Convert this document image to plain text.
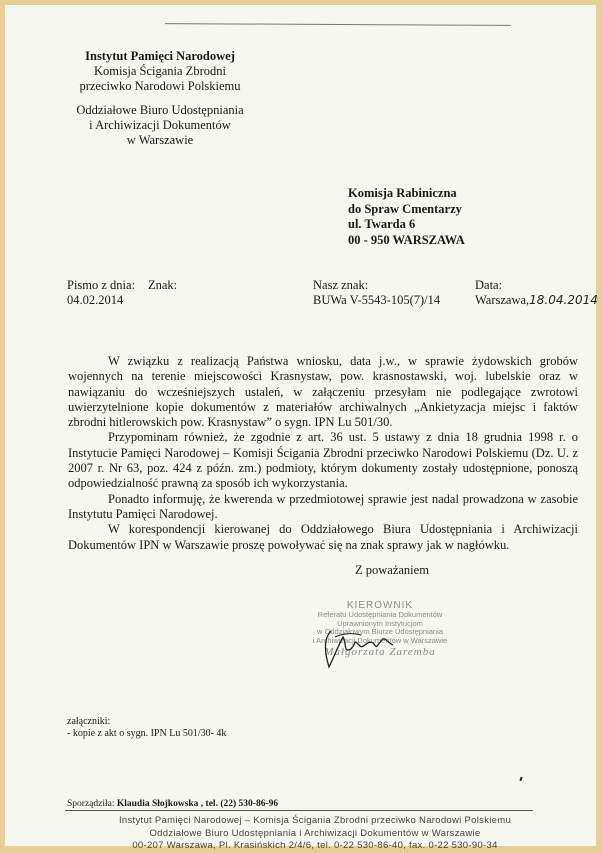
Instytut Pamięci Narodowej
Komisja Ścigania Zbrodni
przeciwko Narodowi Polskiemu
Oddziałowe Biuro Udostępniania
i Archiwizacji Dokumentów
w Warszawie
Komisja Rabiniczna
do Spraw Cmentarzy
ul. Twarda 6
00 - 950 WARSZAWA
Pismo z dnia:
04.02.2014
Znak:	Nasz znak:
BUWa V-5543-105(7)/14
Data:
Warszawa,18.04.2014

W związku z realizacją Państwa wniosku, data j.w., w sprawie żydowskich grobów wojennych na terenie miejscowości Krasnystaw, pow. krasnostawski, woj. lubelskie oraz w nawiązaniu do wcześniejszych ustaleń, w załączeniu przesyłam nie podlegające zwrotowi uwierzytelnione kopie dokumentów z materiałów archiwalnych „Ankietyzacja miejsc i faktów zbrodni hitlerowskich pow. Krasnystaw” o sygn. IPN Lu 501/30.

Przypominam również, że zgodnie z art. 36 ust. 5 ustawy z dnia 18 grudnia 1998 r. o Instytucie Pamięci Narodowej – Komisji Ścigania Zbrodni przeciwko Narodowi Polskiemu (Dz. U. z 2007 r. Nr 63, poz. 424 z późn. zm.) podmioty, którym dokumenty zostały udostępnione, ponoszą odpowiedzialność prawną za sposób ich wykorzystania.

Ponadto informuję, że kwerenda w przedmiotowej sprawie jest nadal prowadzona w zasobie Instytutu Pamięci Narodowej.

W korespondencji kierowanej do Oddziałowego Biura Udostępniania i Archiwizacji Dokumentów IPN w Warszawie proszę powoływać się na znak sprawy jak w nagłówku.

Z poważaniem
KIEROWNIK
Referatu Udostępniania Dokumentów
Uprawnionym Instytucjom
w Oddziałowym Biurze Udostępniania
i Archiwizacji Dokumentów w Warszawie
Małgorzata Zaremba
załączniki:
- kopie z akt o sygn. IPN Lu 501/30- 4k
Sporządziła: Klaudia Słojkowska , tel. (22) 530-86-96
Instytut Pamięci Narodowej – Komisja Ścigania Zbrodni przeciwko Narodowi Polskiemu
Oddziałowe Biuro Udostępniania i Archiwizacji Dokumentów w Warszawie
00-207 Warszawa, Pl. Krasińskich 2/4/6, tel. 0-22 530-86-40, fax. 0-22 530-90-34
